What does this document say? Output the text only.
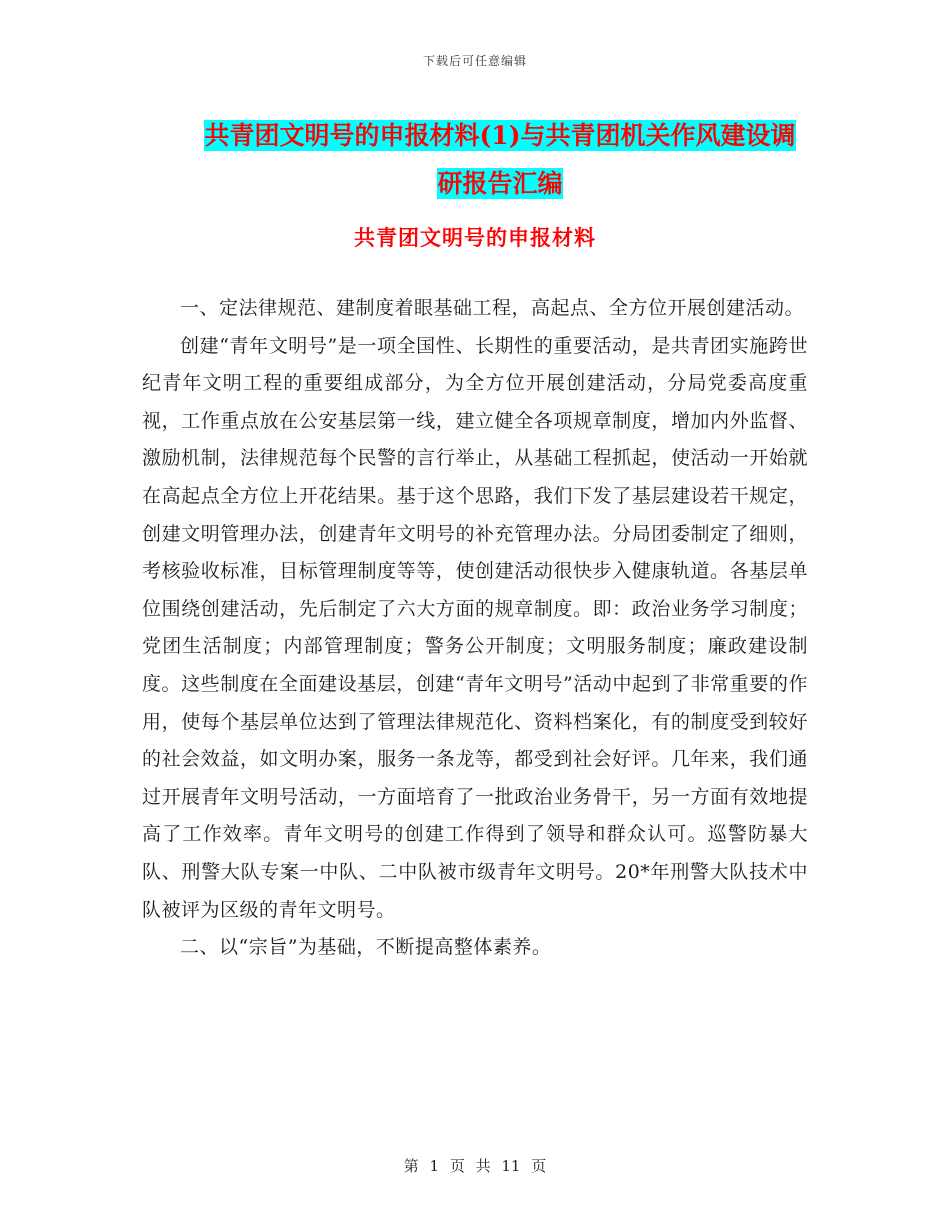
下载后可任意编辑
共青团文明号的申报材料(1)与共青团机关作风建设调
研报告汇编
共青团文明号的申报材料

一、定法律规范、建制度着眼基础工程，高起点、全方位开展创建活动。

创建“青年文明号”是一项全国性、长期性的重要活动，是共青团实施跨世纪青年文明工程的重要组成部分，为全方位开展创建活动，分局党委高度重视，工作重点放在公安基层第一线，建立健全各项规章制度，增加内外监督、激励机制，法律规范每个民警的言行举止，从基础工程抓起，使活动一开始就在高起点全方位上开花结果。基于这个思路，我们下发了基层建设若干规定，创建文明管理办法，创建青年文明号的补充管理办法。分局团委制定了细则，考核验收标准，目标管理制度等等，使创建活动很快步入健康轨道。各基层单位围绕创建活动，先后制定了六大方面的规章制度。即：政治业务学习制度；党团生活制度；内部管理制度；警务公开制度；文明服务制度；廉政建设制度。这些制度在全面建设基层，创建“青年文明号”活动中起到了非常重要的作用，使每个基层单位达到了管理法律规范化、资料档案化，有的制度受到较好的社会效益，如文明办案，服务一条龙等，都受到社会好评。几年来，我们通过开展青年文明号活动，一方面培育了一批政治业务骨干，另一方面有效地提高了工作效率。青年文明号的创建工作得到了领导和群众认可。巡警防暴大队、刑警大队专案一中队、二中队被市级青年文明号。20*年刑警大队技术中队被评为区级的青年文明号。

二、以“宗旨”为基础，不断提高整体素养。

第 1 页 共 11 页
